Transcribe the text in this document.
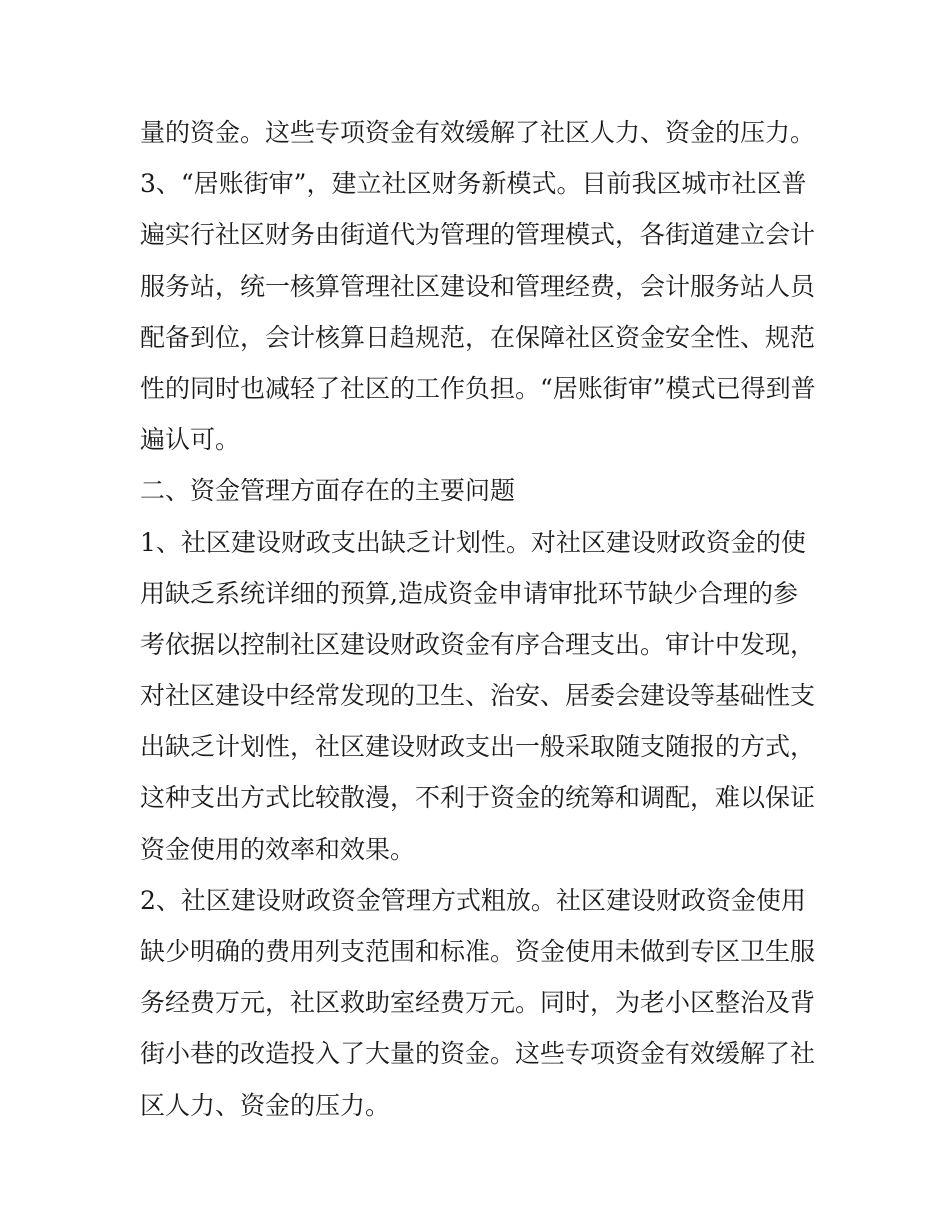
量的资金。这些专项资金有效缓解了社区人力、资金的压力。
3、“居账街审”，建立社区财务新模式。目前我区城市社区普
遍实行社区财务由街道代为管理的管理模式，各街道建立会计
服务站，统一核算管理社区建设和管理经费，会计服务站人员
配备到位，会计核算日趋规范，在保障社区资金安全性、规范
性的同时也减轻了社区的工作负担。“居账街审”模式已得到普
遍认可。
二、资金管理方面存在的主要问题
1、社区建设财政支出缺乏计划性。对社区建设财政资金的使
用缺乏系统详细的预算,造成资金申请审批环节缺少合理的参
考依据以控制社区建设财政资金有序合理支出。审计中发现，
对社区建设中经常发现的卫生、治安、居委会建设等基础性支
出缺乏计划性，社区建设财政支出一般采取随支随报的方式，
这种支出方式比较散漫，不利于资金的统筹和调配，难以保证
资金使用的效率和效果。
2、社区建设财政资金管理方式粗放。社区建设财政资金使用
缺少明确的费用列支范围和标准。资金使用未做到专区卫生服
务经费万元，社区救助室经费万元。同时，为老小区整治及背
街小巷的改造投入了大量的资金。这些专项资金有效缓解了社
区人力、资金的压力。
